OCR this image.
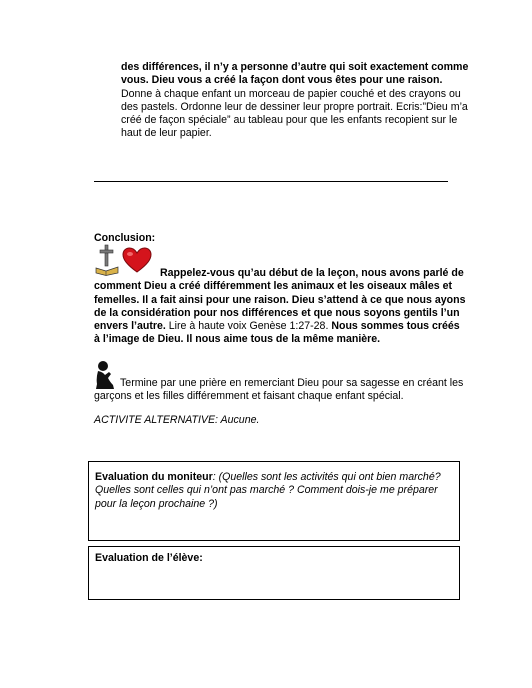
des différences, il n’y a personne d’autre qui soit exactement comme vous. Dieu vous a créé la façon dont vous êtes pour une raison. Donne à chaque enfant un morceau de papier couché et des crayons ou des pastels. Ordonne leur de dessiner leur propre portrait. Ecris:”Dieu m’a créé de façon spéciale” au tableau pour que les enfants recopient sur le haut de leur papier.
Conclusion:
Rappelez-vous qu’au début de la leçon, nous avons parlé de comment Dieu a créé différemment les animaux et les oiseaux mâles et femelles. Il a fait ainsi pour une raison. Dieu s’attend à ce que nous ayons de la considération pour nos différences et que nous soyons gentils l’un envers l’autre. Lire à haute voix Genèse 1:27-28. Nous sommes tous créés à l’image de Dieu. Il nous aime tous de la même manière.
Termine par une prière en remerciant Dieu pour sa sagesse en créant les garçons et les filles différemment et faisant chaque enfant spécial.
ACTIVITE ALTERNATIVE: Aucune.
Evaluation du moniteur: (Quelles sont les activités qui ont bien marché? Quelles sont celles qui n’ont pas marché ? Comment dois-je me préparer pour la leçon prochaine ?)
Evaluation de l’élève:
